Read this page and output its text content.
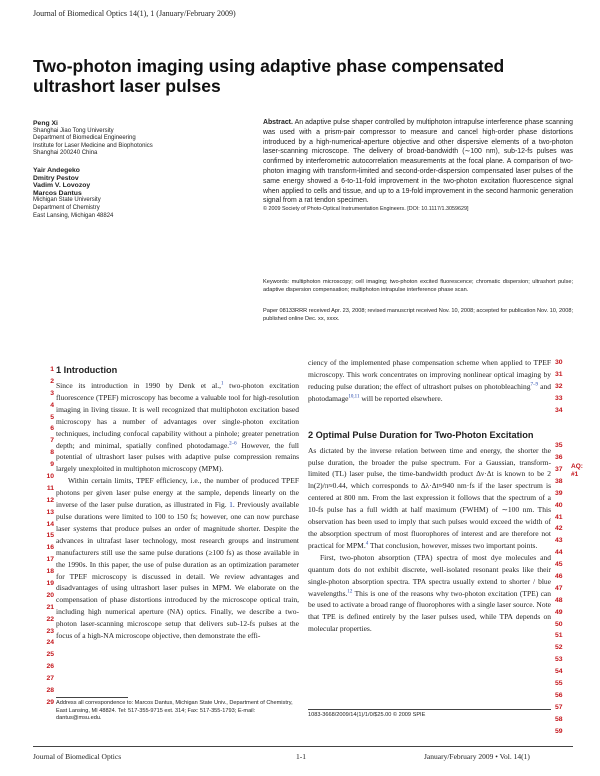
Journal of Biomedical Optics 14(1), 1 (January/February 2009)
Two-photon imaging using adaptive phase compensated ultrashort laser pulses
Peng Xi
Shanghai Jiao Tong University
Department of Biomedical Engineering
Institute for Laser Medicine and Biophotonics
Shanghai 200240 China
Yair Andegeko
Dmitry Pestov
Vadim V. Lovozoy
Marcos Dantus
Michigan State University
Department of Chemistry
East Lansing, Michigan 48824
Abstract. An adaptive pulse shaper controlled by multiphoton intrapulse interference phase scanning was used with a prism-pair compressor to measure and cancel high-order phase distortions introduced by a high-numerical-aperture objective and other dispersive elements of a two-photon laser-scanning microscope. The delivery of broad-bandwidth (∼100 nm), sub-12-fs pulses was confirmed by interferometric autocorrelation measurements at the focal plane. A comparison of two-photon imaging with transform-limited and second-order-dispersion compensated laser pulses of the same energy showed a 6-to-11-fold improvement in the two-photon excitation fluorescence signal when applied to cells and tissue, and up to a 19-fold improvement in the second harmonic generation signal from a rat tendon specimen.
© 2009 Society of Photo-Optical Instrumentation Engineers. [DOI: 10.1117/1.3059629]
Keywords: multiphoton microscopy; cell imaging; two-photon excited fluorescence; chromatic dispersion; ultrashort pulse; adaptive dispersion compensation; multiphoton intrapulse interference phase scan.
Paper 08133RRR received Apr. 23, 2008; revised manuscript received Nov. 10, 2008; accepted for publication Nov. 10, 2008; published online Dec. xx, xxxx.
1
2
3
4
5
6
7
8
9
10
11
12
13
14
15
16
17
18
19
20
21
22
23
24
25
26
27
28
29
1 Introduction

Since its introduction in 1990 by Denk et al.,$^1$ two-photon excitation fluorescence (TPEF) microscopy has become a valuable tool for high-resolution imaging in living tissue. It is well recognized that multiphoton excitation based microscopy has a number of advantages over single-photon excitation techniques, including confocal capability without a pinhole; greater penetration depth; and minimal, spatially confined photodamage.$^{2-6}$ However, the full potential of ultrashort laser pulses with adaptive pulse compression remains largely unexploited in multiphoton microscopy (MPM).

Within certain limits, TPEF efficiency, i.e., the number of produced TPEF photons per given laser pulse energy at the sample, depends linearly on the inverse of the laser pulse duration, as illustrated in Fig. 1. Previously available pulse durations were limited to 100 to 150 fs; however, one can now purchase laser systems that produce pulses an order of magnitude shorter. Despite the advances in ultrafast laser technology, most research groups and instrument manufacturers still use the same pulse durations (≥100 fs) as those available in the 1990s. In this paper, the use of pulse duration as an optimization parameter for TPEF microscopy is discussed in detail. We review advantages and disadvantages of using ultrashort laser pulses in MPM. We elaborate on the compensation of phase distortions introduced by the microscope optical train, including high numerical aperture (NA) optics. Finally, we describe a two-photon laser-scanning microscope setup that delivers sub-12-fs pulses at the focus of a high-NA microscope objective, then demonstrate the effi-

30
31
32
33
34
35
36
37
38
39
40
41
42
43
44
45
46
47
48
49
50
51
52
53
54
55
56
57
58
59
AQ:
#1

ciency of the implemented phase compensation scheme when applied to TPEF microscopy. This work concentrates on improving nonlinear optical imaging by reducing pulse duration; the effect of ultrashort pulses on photobleaching$^{7-9}$ and photodamage$^{10,11}$ will be reported elsewhere.

2 Optimal Pulse Duration for Two-Photon Excitation

As dictated by the inverse relation between time and energy, the shorter the pulse duration, the broader the pulse spectrum. For a Gaussian, transform-limited (TL) laser pulse, the time-bandwidth product Δν·Δt is known to be 2 ln(2)/π≈0.44, which corresponds to Δλ·Δt≈940 nm·fs if the laser spectrum is centered at 800 nm. From the last expression it follows that the spectrum of a 10-fs pulse has a full width at half maximum (FWHM) of ∼100 nm. This observation has been used to imply that such pulses would exceed the width of the absorption spectrum of most fluorophores of interest and are therefore not practical for MPM.$^4$ That conclusion, however, misses two important points.

First, two-photon absorption (TPA) spectra of most dye molecules and quantum dots do not exhibit discrete, well-isolated resonant peaks like their single-photon absorption spectra. TPA spectra usually extend to shorter / blue wavelengths.$^{12}$ This is one of the reasons why two-photon excitation (TPE) can be used to activate a broad range of fluorophores with a single laser source. Note that TPE is defined entirely by the laser pulses used, while TPA depends on molecular properties.

Address all correspondence to: Marcos Dantus, Michigan State Univ., Department of Chemistry, East Lansing, MI 48824. Tel: 517-355-9715 ext. 314; Fax: 517-355-1793; E-mail: dantus@msu.edu.
1083-3668/2009/14(1)/1/0/$25.00 © 2009 SPIE
Journal of Biomedical Optics	1-1	January/February 2009 • Vol. 14(1)
